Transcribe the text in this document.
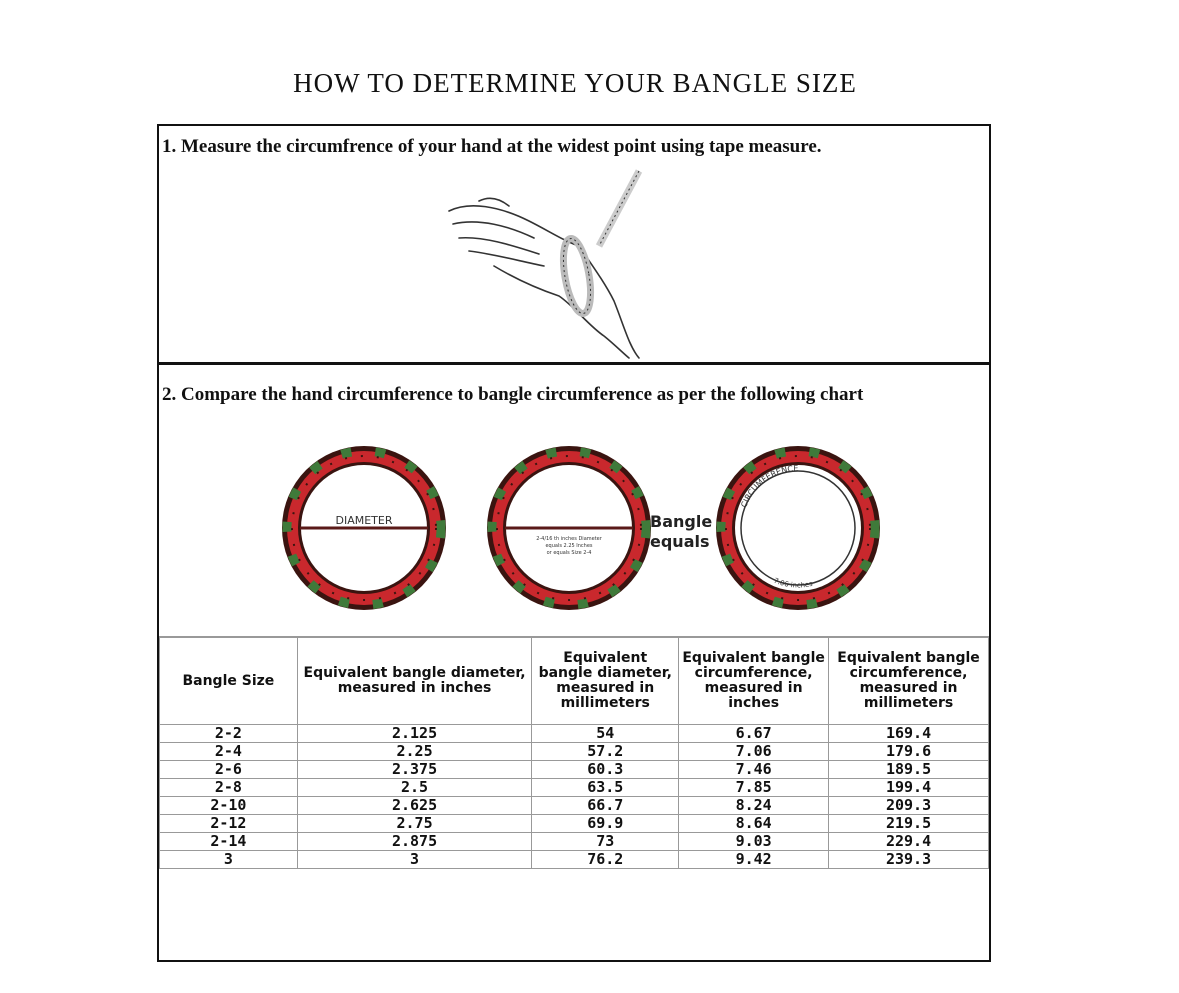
HOW TO DETERMINE YOUR BANGLE SIZE
1. Measure the circumfrence of your hand at the widest point using tape measure.
2. Compare the hand circumference to bangle circumference as per the following chart
DIAMETER
2-4/16 th inches Diameter
equals 2.25 Inches
or equals Size 2-4
CIRCUMFERENCE
7.06 inches
Bangle
equals
Bangle Size	Equivalent bangle diameter, measured in inches	Equivalent bangle diameter, measured in millimeters	Equivalent bangle circumference, measured in inches	Equivalent bangle circumference, measured in millimeters
2-2	2.125	54	6.67	169.4
2-4	2.25	57.2	7.06	179.6
2-6	2.375	60.3	7.46	189.5
2-8	2.5	63.5	7.85	199.4
2-10	2.625	66.7	8.24	209.3
2-12	2.75	69.9	8.64	219.5
2-14	2.875	73	9.03	229.4
3	3	76.2	9.42	239.3
